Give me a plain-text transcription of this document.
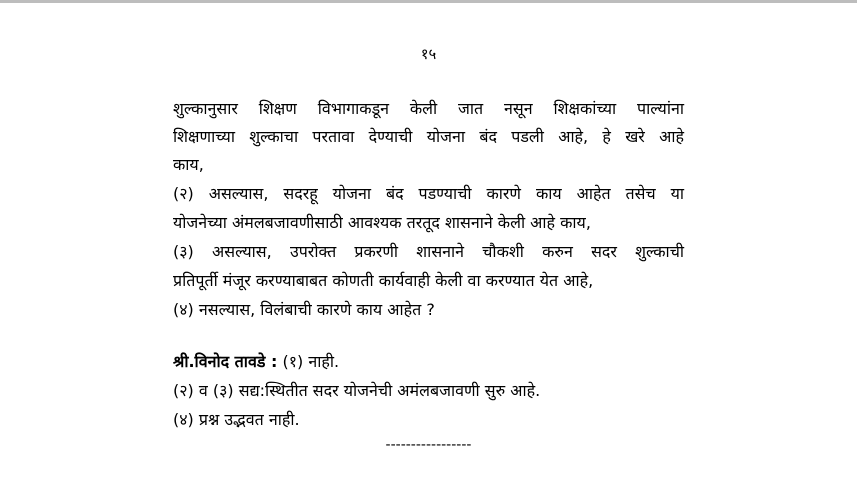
१५
शुल्कानुसार शिक्षण विभागाकडून केली जात नसून शिक्षकांच्या पाल्यांना
शिक्षणाच्या शुल्काचा परतावा देण्याची योजना बंद पडली आहे, हे खरे आहे
काय,
(२) असल्यास, सदरहू योजना बंद पडण्याची कारणे काय आहेत तसेच या
योजनेच्या अंमलबजावणीसाठी आवश्यक तरतूद शासनाने केली आहे काय,
(३) असल्यास, उपरोक्त प्रकरणी शासनाने चौकशी करुन सदर शुल्काची
प्रतिपूर्ती मंजूर करण्याबाबत कोणती कार्यवाही केली वा करण्यात येत आहे,
(४) नसल्यास, विलंबाची कारणे काय आहेत ?
श्री.विनोद तावडे : (१) नाही.
(२) व (३) सद्य:स्थितीत सदर योजनेची अमंलबजावणी सुरु आहे.
(४) प्रश्न उद्भवत नाही.
-----------------
